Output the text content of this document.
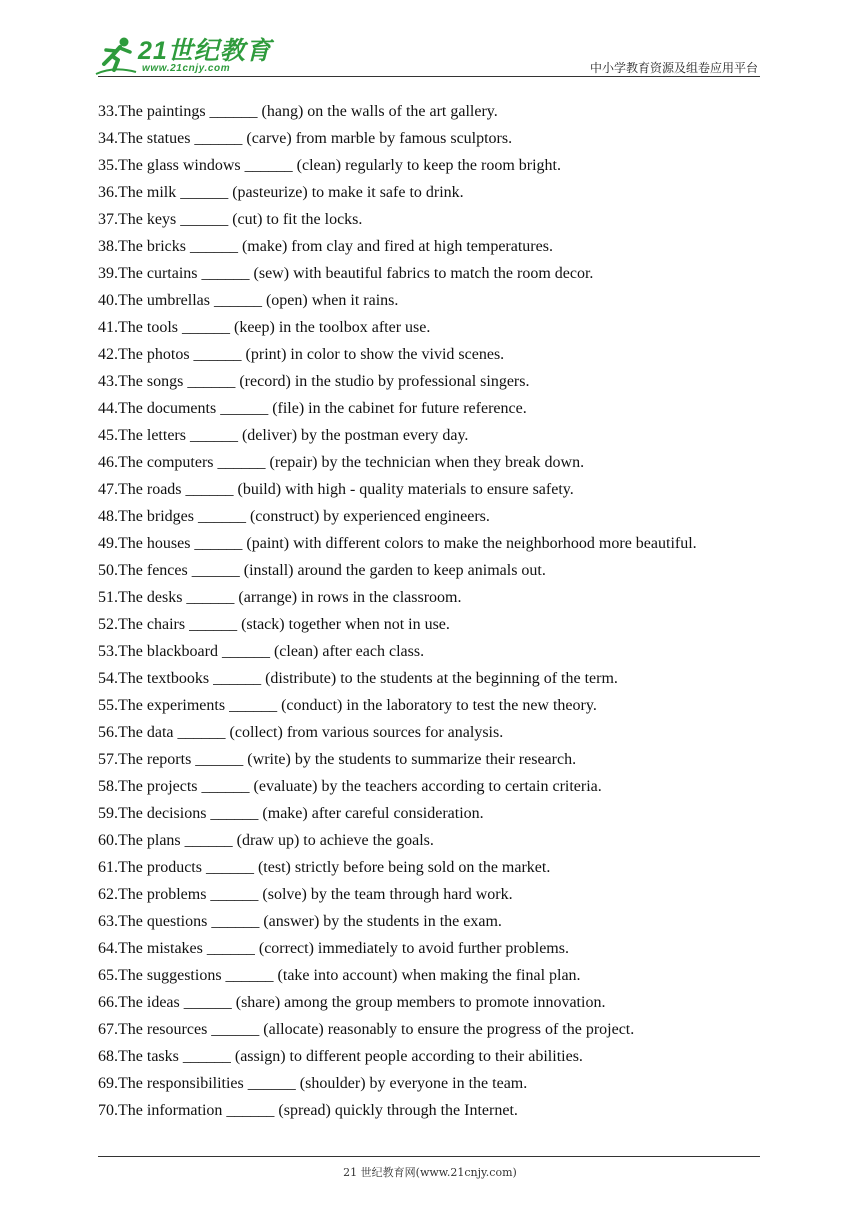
21世纪教育
www.21cnjy.com	中小学教育资源及组卷应用平台
33.The paintings ______ (hang) on the walls of the art gallery.
34.The statues ______ (carve) from marble by famous sculptors.
35.The glass windows ______ (clean) regularly to keep the room bright.
36.The milk ______ (pasteurize) to make it safe to drink.
37.The keys ______ (cut) to fit the locks.
38.The bricks ______ (make) from clay and fired at high temperatures.
39.The curtains ______ (sew) with beautiful fabrics to match the room decor.
40.The umbrellas ______ (open) when it rains.
41.The tools ______ (keep) in the toolbox after use.
42.The photos ______ (print) in color to show the vivid scenes.
43.The songs ______ (record) in the studio by professional singers.
44.The documents ______ (file) in the cabinet for future reference.
45.The letters ______ (deliver) by the postman every day.
46.The computers ______ (repair) by the technician when they break down.
47.The roads ______ (build) with high - quality materials to ensure safety.
48.The bridges ______ (construct) by experienced engineers.
49.The houses ______ (paint) with different colors to make the neighborhood more beautiful.
50.The fences ______ (install) around the garden to keep animals out.
51.The desks ______ (arrange) in rows in the classroom.
52.The chairs ______ (stack) together when not in use.
53.The blackboard ______ (clean) after each class.
54.The textbooks ______ (distribute) to the students at the beginning of the term.
55.The experiments ______ (conduct) in the laboratory to test the new theory.
56.The data ______ (collect) from various sources for analysis.
57.The reports ______ (write) by the students to summarize their research.
58.The projects ______ (evaluate) by the teachers according to certain criteria.
59.The decisions ______ (make) after careful consideration.
60.The plans ______ (draw up) to achieve the goals.
61.The products ______ (test) strictly before being sold on the market.
62.The problems ______ (solve) by the team through hard work.
63.The questions ______ (answer) by the students in the exam.
64.The mistakes ______ (correct) immediately to avoid further problems.
65.The suggestions ______ (take into account) when making the final plan.
66.The ideas ______ (share) among the group members to promote innovation.
67.The resources ______ (allocate) reasonably to ensure the progress of the project.
68.The tasks ______ (assign) to different people according to their abilities.
69.The responsibilities ______ (shoulder) by everyone in the team.
70.The information ______ (spread) quickly through the Internet.
21 世纪教育网(www.21cnjy.com)
